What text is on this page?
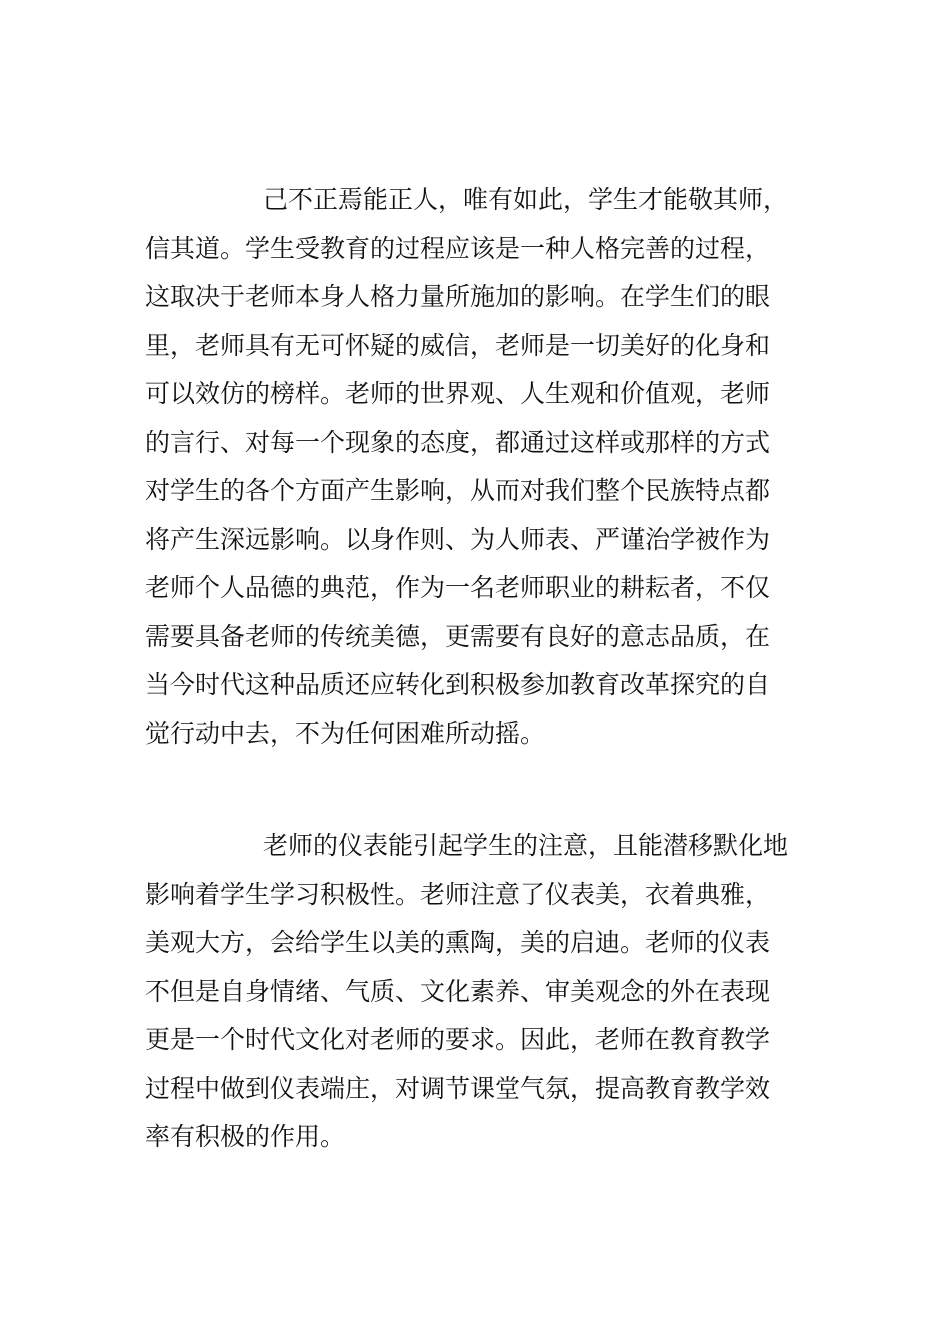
己不正焉能正人，唯有如此，学生才能敬其师，
信其道。学生受教育的过程应该是一种人格完善的过程，
这取决于老师本身人格力量所施加的影响。在学生们的眼
里，老师具有无可怀疑的威信，老师是一切美好的化身和
可以效仿的榜样。老师的世界观、人生观和价值观，老师
的言行、对每一个现象的态度，都通过这样或那样的方式
对学生的各个方面产生影响，从而对我们整个民族特点都
将产生深远影响。以身作则、为人师表、严谨治学被作为
老师个人品德的典范，作为一名老师职业的耕耘者，不仅
需要具备老师的传统美德，更需要有良好的意志品质，在
当今时代这种品质还应转化到积极参加教育改革探究的自
觉行动中去，不为任何困难所动摇。
老师的仪表能引起学生的注意，且能潜移默化地
影响着学生学习积极性。老师注意了仪表美，衣着典雅，
美观大方，会给学生以美的熏陶，美的启迪。老师的仪表
不但是自身情绪、气质、文化素养、审美观念的外在表现
更是一个时代文化对老师的要求。因此，老师在教育教学
过程中做到仪表端庄，对调节课堂气氛，提高教育教学效
率有积极的作用。
